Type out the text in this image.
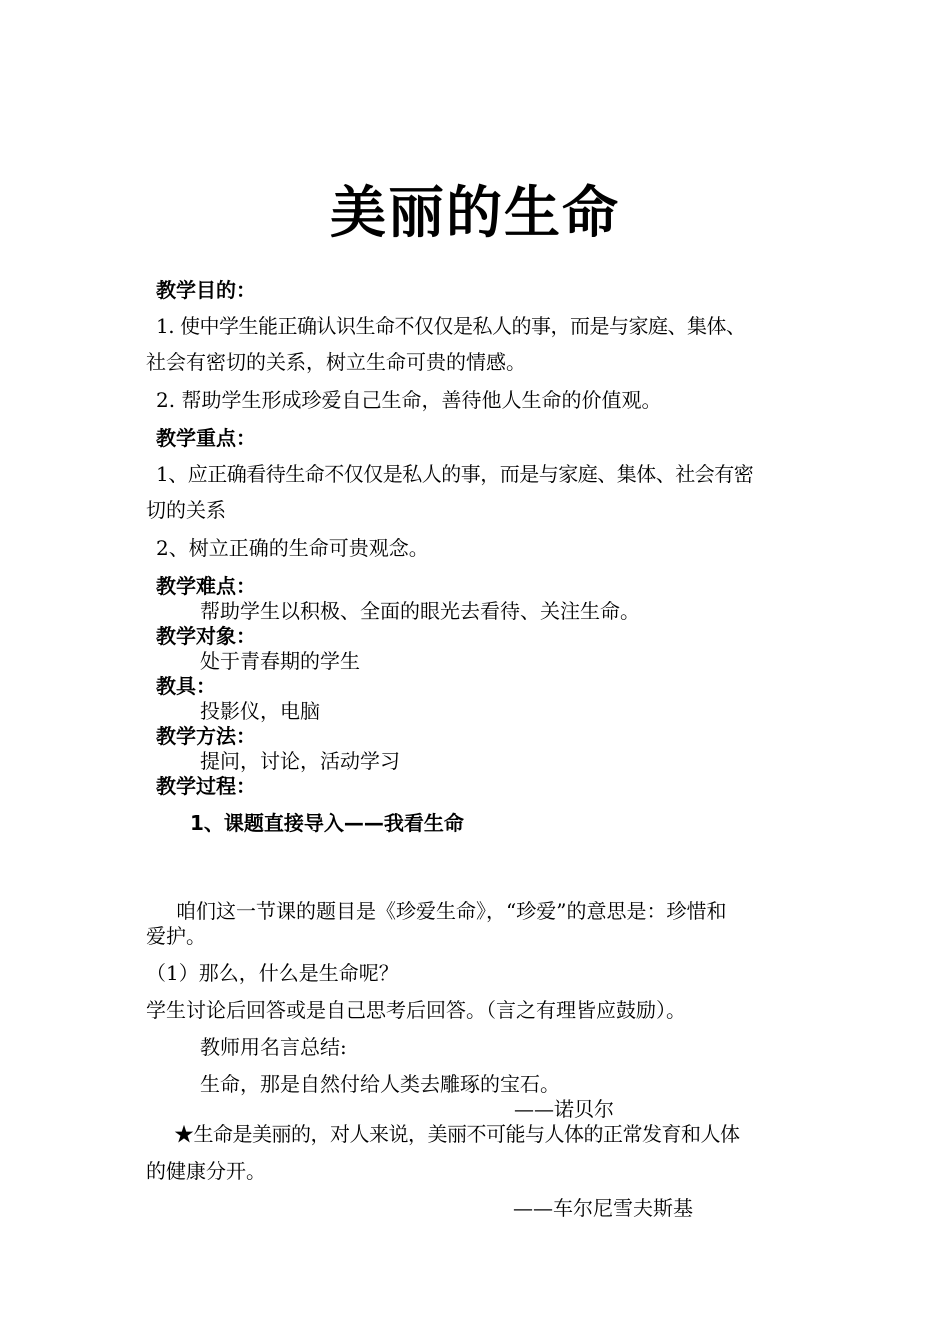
美丽的生命
教学目的：
1. 使中学生能正确认识生命不仅仅是私人的事，而是与家庭、集体、
社会有密切的关系，树立生命可贵的情感。
2. 帮助学生形成珍爱自己生命，善待他人生命的价值观。
教学重点：
1、应正确看待生命不仅仅是私人的事，而是与家庭、集体、社会有密
切的关系
2、树立正确的生命可贵观念。
教学难点：
帮助学生以积极、全面的眼光去看待、关注生命。
教学对象：
处于青春期的学生
教具：
投影仪，电脑
教学方法：
提问，讨论，活动学习
教学过程：
1、课题直接导入——我看生命
咱们这一节课的题目是《珍爱生命》，“珍爱”的意思是：珍惜和
爱护。
（1）那么，什么是生命呢？
学生讨论后回答或是自己思考后回答。（言之有理皆应鼓励）。
教师用名言总结:
生命，那是自然付给人类去雕琢的宝石。
——诺贝尔
★生命是美丽的，对人来说，美丽不可能与人体的正常发育和人体
的健康分开。
——车尔尼雪夫斯基
